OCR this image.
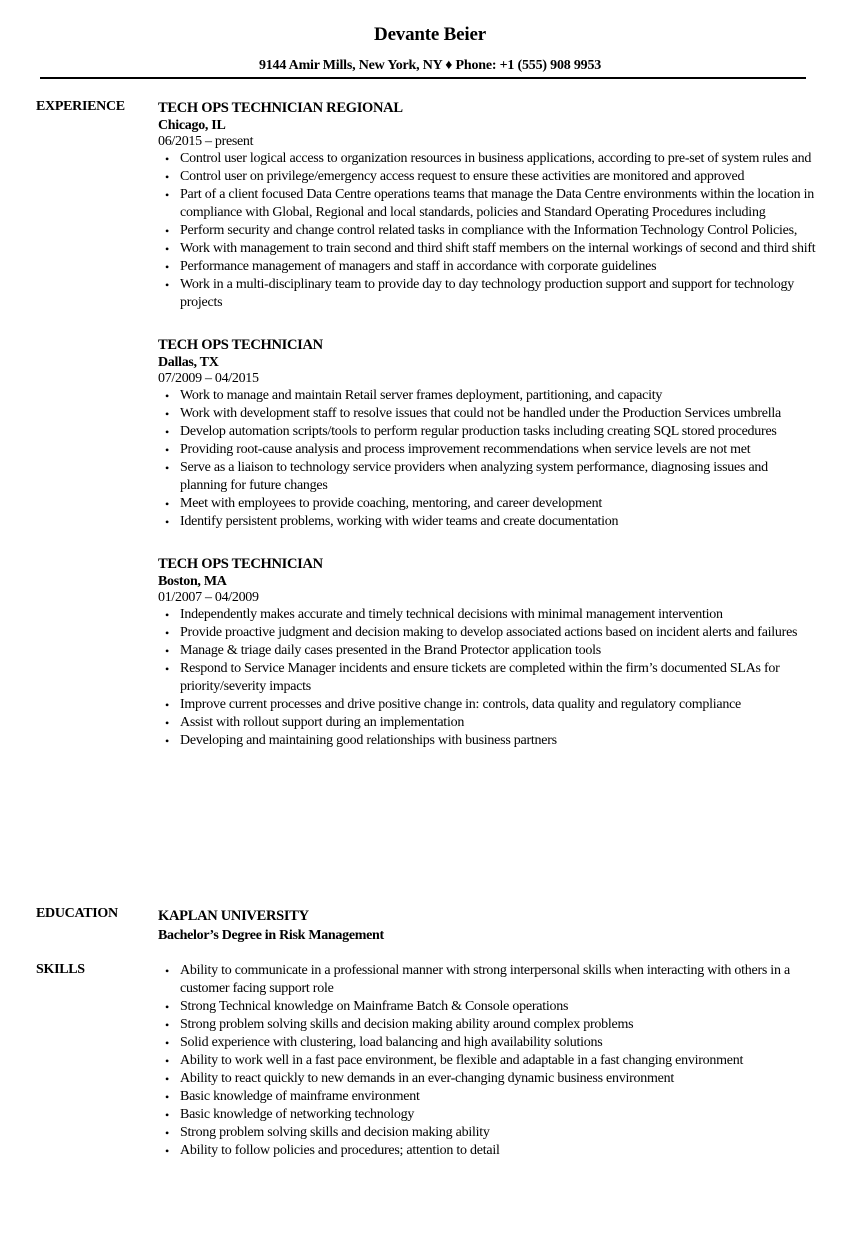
Devante Beier
9144 Amir Mills, New York, NY ♦ Phone: +1 (555) 908 9953
EXPERIENCE TECH OPS TECHNICIAN REGIONAL
Chicago, IL
06/2015 – present
• Control user logical access to organization resources in business applications, according to pre-set of system rules and
• Control user on privilege/emergency access request to ensure these activities are monitored and approved
• Part of a client focused Data Centre operations teams that manage the Data Centre environments within the location in compliance with Global, Regional and local standards, policies and Standard Operating Procedures including
• Perform security and change control related tasks in compliance with the Information Technology Control Policies,
• Work with management to train second and third shift staff members on the internal workings of second and third shift
• Performance management of managers and staff in accordance with corporate guidelines
• Work in a multi-disciplinary team to provide day to day technology production support and support for technology projects
TECH OPS TECHNICIAN
Dallas, TX
07/2009 – 04/2015
• Work to manage and maintain Retail server frames deployment, partitioning, and capacity
• Work with development staff to resolve issues that could not be handled under the Production Services umbrella
• Develop automation scripts/tools to perform regular production tasks including creating SQL stored procedures
• Providing root-cause analysis and process improvement recommendations when service levels are not met
• Serve as a liaison to technology service providers when analyzing system performance, diagnosing issues and planning for future changes
• Meet with employees to provide coaching, mentoring, and career development
• Identify persistent problems, working with wider teams and create documentation
TECH OPS TECHNICIAN
Boston, MA
01/2007 – 04/2009
• Independently makes accurate and timely technical decisions with minimal management intervention
• Provide proactive judgment and decision making to develop associated actions based on incident alerts and failures
• Manage & triage daily cases presented in the Brand Protector application tools
• Respond to Service Manager incidents and ensure tickets are completed within the firm’s documented SLAs for priority/severity impacts
• Improve current processes and drive positive change in: controls, data quality and regulatory compliance
• Assist with rollout support during an implementation
• Developing and maintaining good relationships with business partners
EDUCATION	KAPLAN UNIVERSITY
Bachelor’s Degree in Risk Management
SKILLS	• Ability to communicate in a professional manner with strong interpersonal skills when interacting with others in a customer facing support role
• Strong Technical knowledge on Mainframe Batch & Console operations
• Strong problem solving skills and decision making ability around complex problems
• Solid experience with clustering, load balancing and high availability solutions
• Ability to work well in a fast pace environment, be flexible and adaptable in a fast changing environment
• Ability to react quickly to new demands in an ever-changing dynamic business environment
• Basic knowledge of mainframe environment
• Basic knowledge of networking technology
• Strong problem solving skills and decision making ability
• Ability to follow policies and procedures; attention to detail
